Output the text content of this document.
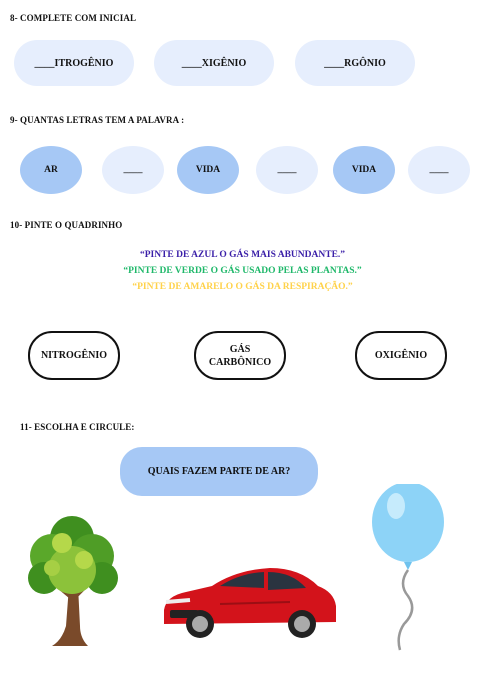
8- COMPLETE COM INICIAL
____ITROGÊNIO	____XIGÊNIO	____RGÔNIO
9- QUANTAS LETRAS TEM A PALAVRA :
AR	____	VIDA	____	VIDA	____
10- PINTE O QUADRINHO
“PINTE DE AZUL O GÁS MAIS ABUNDANTE.”
“PINTE DE VERDE O GÁS USADO PELAS PLANTAS.”
“PINTE DE AMARELO O GÁS DA RESPIRAÇÃO.”
NITROGÊNIO
GÁS
CARBÔNICO
OXIGÊNIO
11- ESCOLHA E CIRCULE:
QUAIS FAZEM PARTE DE AR?
